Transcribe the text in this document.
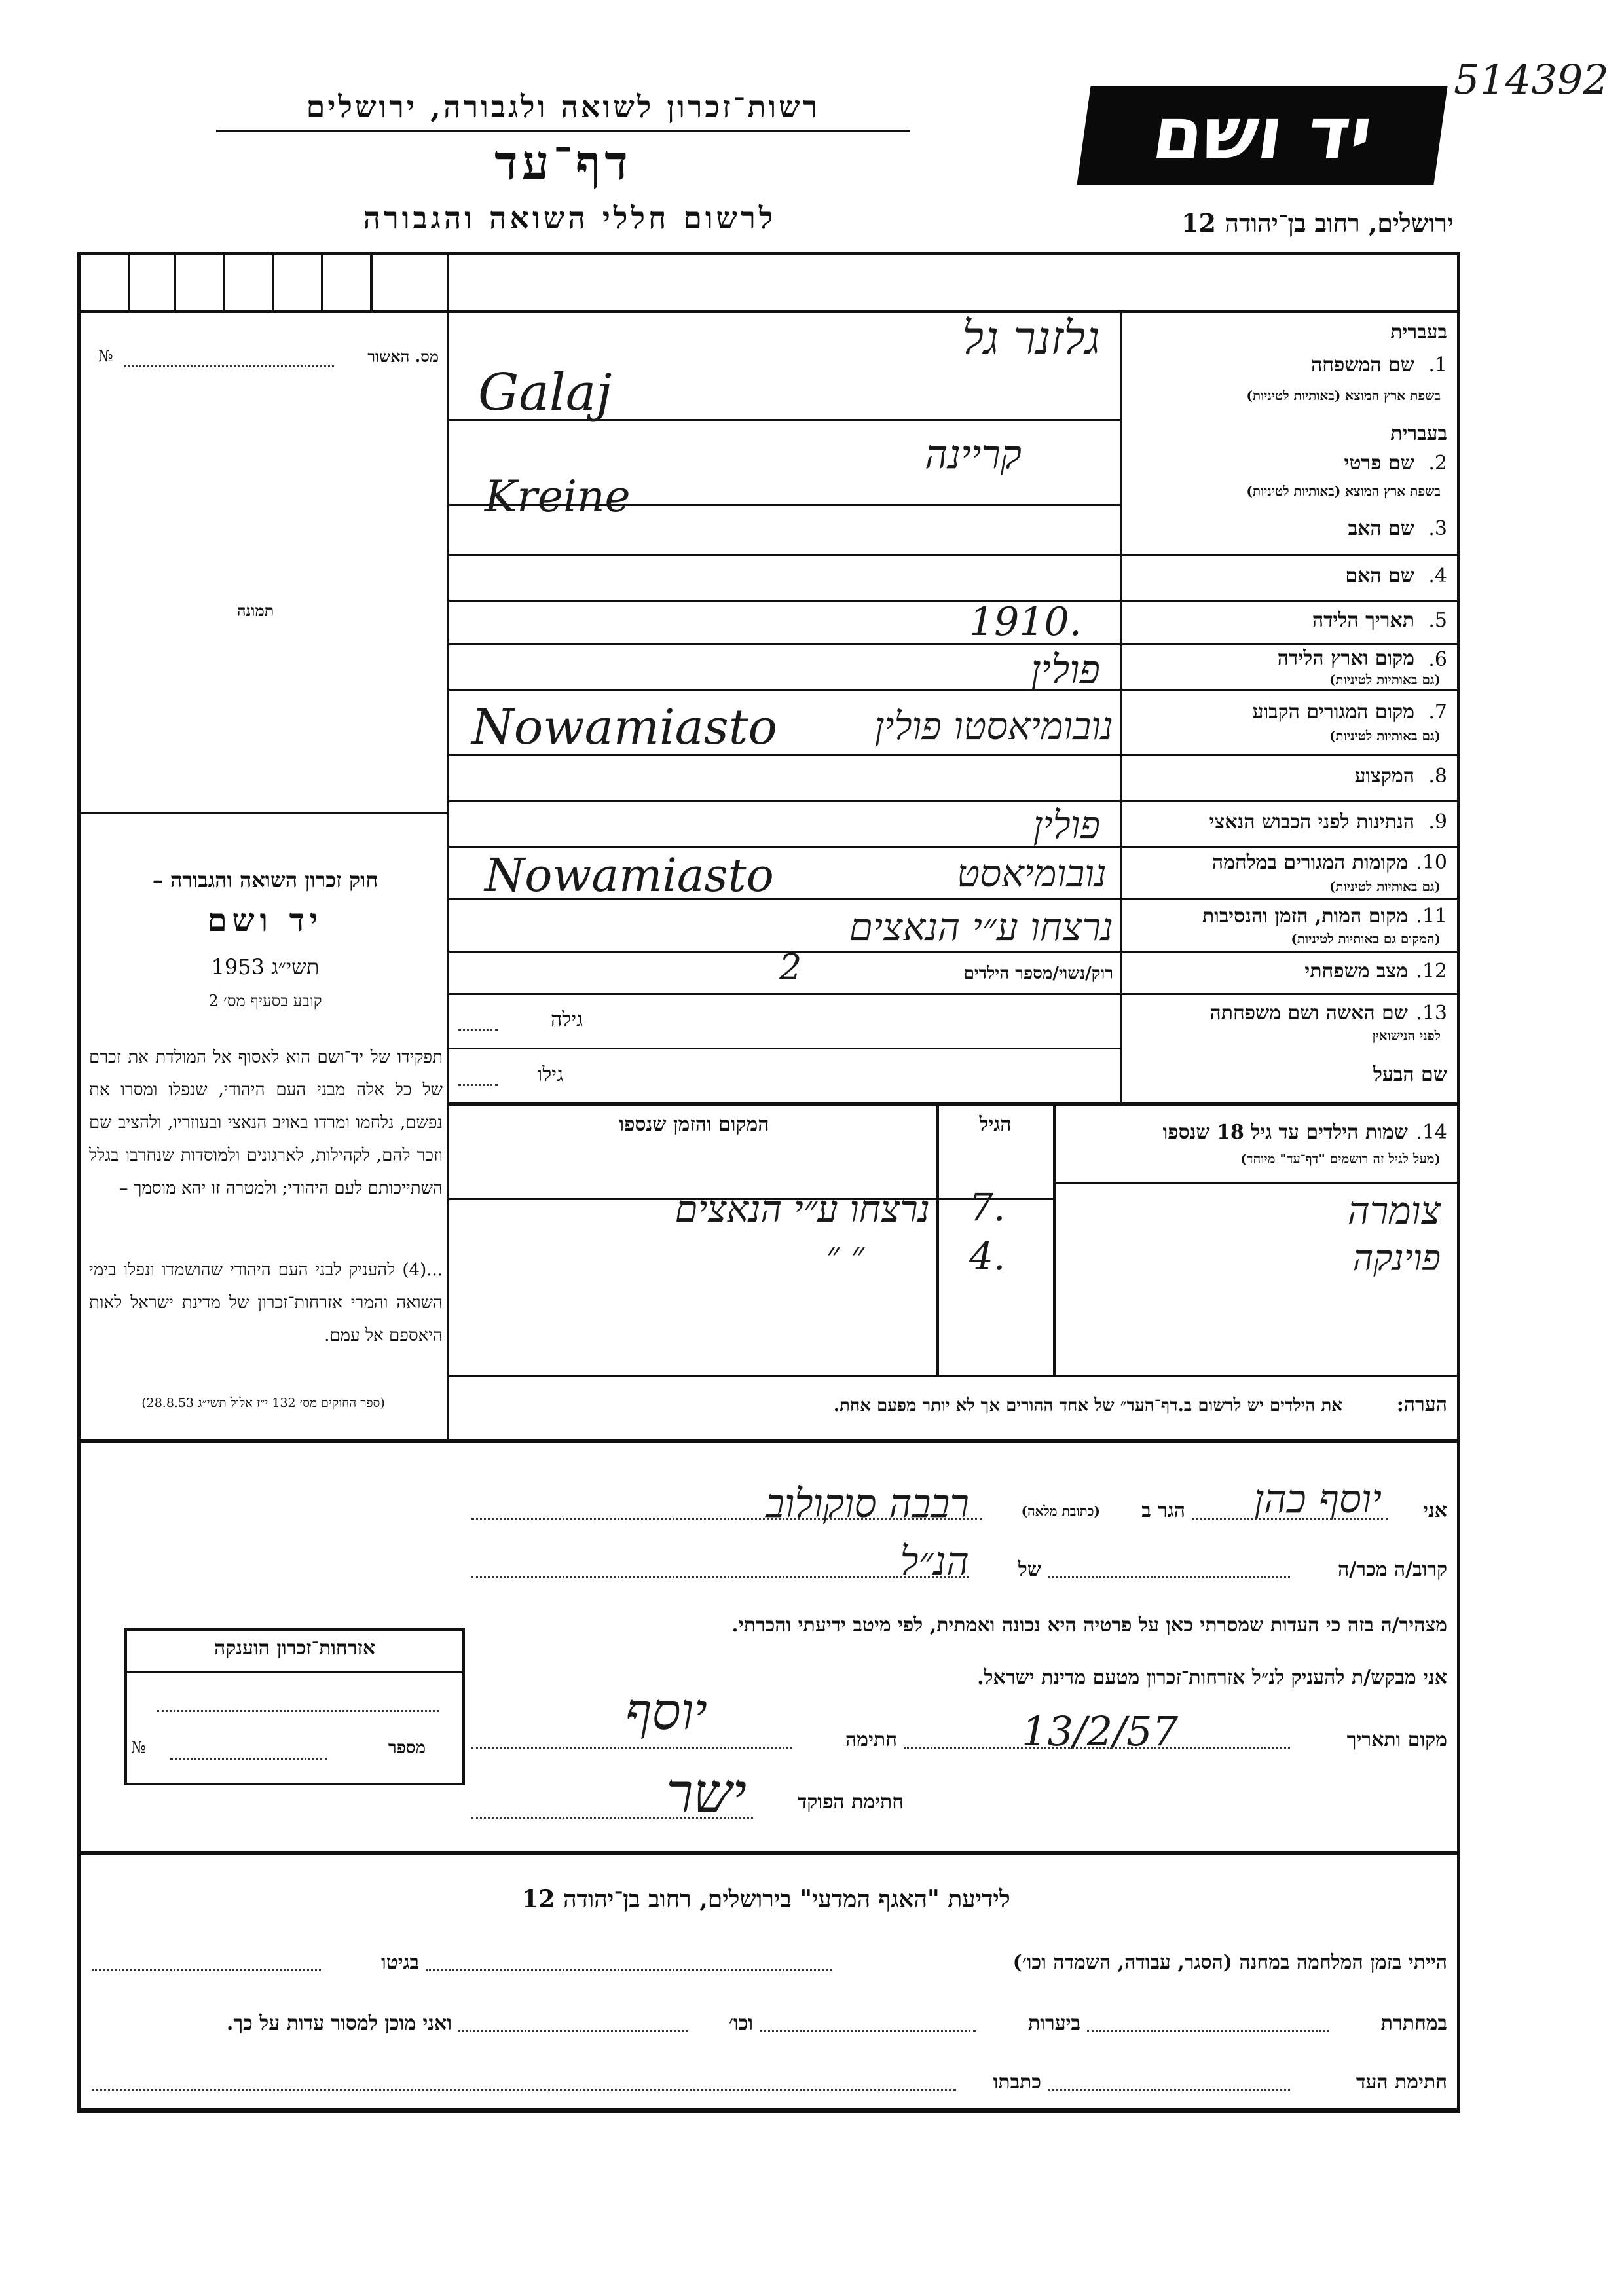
514392
יד ושם
רשות־זכרון לשואה ולגבורה, ירושלים
דף־עד
לרשום חללי השואה והגבורה	ירושלים, רחוב בן־יהודה 12
מס. האשור
№
תמונה
חוק זכרון השואה והגבורה –
יד ושם
תשי״ג 1953
קובע בסעיף מס׳ 2
תפקידו של יד־ושם הוא לאסוף אל המולדת את זכרם של כל אלה מבני העם היהודי, שנפלו ומסרו את נפשם, נלחמו ומרדו באויב הנאצי ובעוזריו, ולהציב שם וזכר להם, לקהילות, לארגונים ולמוסדות שנחרבו בגלל השתייכותם לעם היהודי; ולמטרה זו יהא מוסמך –
...(4) להעניק לבני העם היהודי שהושמדו ונפלו בימי השואה והמרי אזרחות־זכרון של מדינת ישראל לאות היאספם אל עמם.
(ספר החוקים מס׳ 132 י״ז אלול תשי״ג 28.8.53)
בעברית
1.
שם המשפחה
בשפת ארץ המוצא (באותיות לטיניות)
גלזנר גל
Galaj
בעברית
2.
שם פרטי
בשפת ארץ המוצא (באותיות לטיניות)
קריינה
Kreine
3.
שם האב
4.
שם האם
5.
תאריך הלידה
1910.
6.
מקום וארץ הלידה
(גם באותיות לטיניות)
פולין
7.
מקום המגורים הקבוע
(גם באותיות לטיניות)
נובומיאסטו פולין
Nowamiasto
8.
המקצוע
9.
הנתינות לפני הכבוש הנאצי
פולין
10.
מקומות המגורים במלחמה
(גם באותיות לטיניות)
נובומיאסט
Nowamiasto
11.
מקום המות, הזמן והנסיבות
(המקום גם באותיות לטיניות)
נרצחו ע״י הנאצים
12.
מצב משפחתי
רוק/נשוי/מספר הילדים
2
13.
שם האשה ושם משפחתה
לפני הנישואין
גילה
שם הבעל
גילו
14.
שמות הילדים עד גיל 18 שנספו
(מעל לגיל זה רושמים "דף־עד" מיוחד)
הגיל
המקום והזמן שנספו
צומרה
7.
נרצחו ע״י הנאצים
פוינקה
4.
״ ״
הערה:
את הילדים יש לרשום ב.דף־העד״ של אחד ההורים אך לא יותר מפעם אחת.
אני
יוסף כהן
הגר ב
(כתובת מלאה)
רבבה סוקולוב
קרוב/ה מכר/ה
של
הנ״ל
מצהיר/ה בזה כי העדות שמסרתי כאן על פרטיה היא נכונה ואמתית, לפי מיטב ידיעתי והכרתי.
אני מבקש/ת להעניק לנ״ל אזרחות־זכרון מטעם מדינת ישראל.
מקום ותאריך
13/2/57
חתימה
יוסף
חתימת הפוקד
ישר
אזרחות־זכרון הוענקה
מספר
№
לידיעת "האגף המדעי" בירושלים, רחוב בן־יהודה 12
הייתי בזמן המלחמה במחנה (הסגר, עבודה, השמדה וכו׳)
בגיטו
במחתרת
ביערות
וכו׳
ואני מוכן למסור עדות על כך.
חתימת העד
כתבתו
